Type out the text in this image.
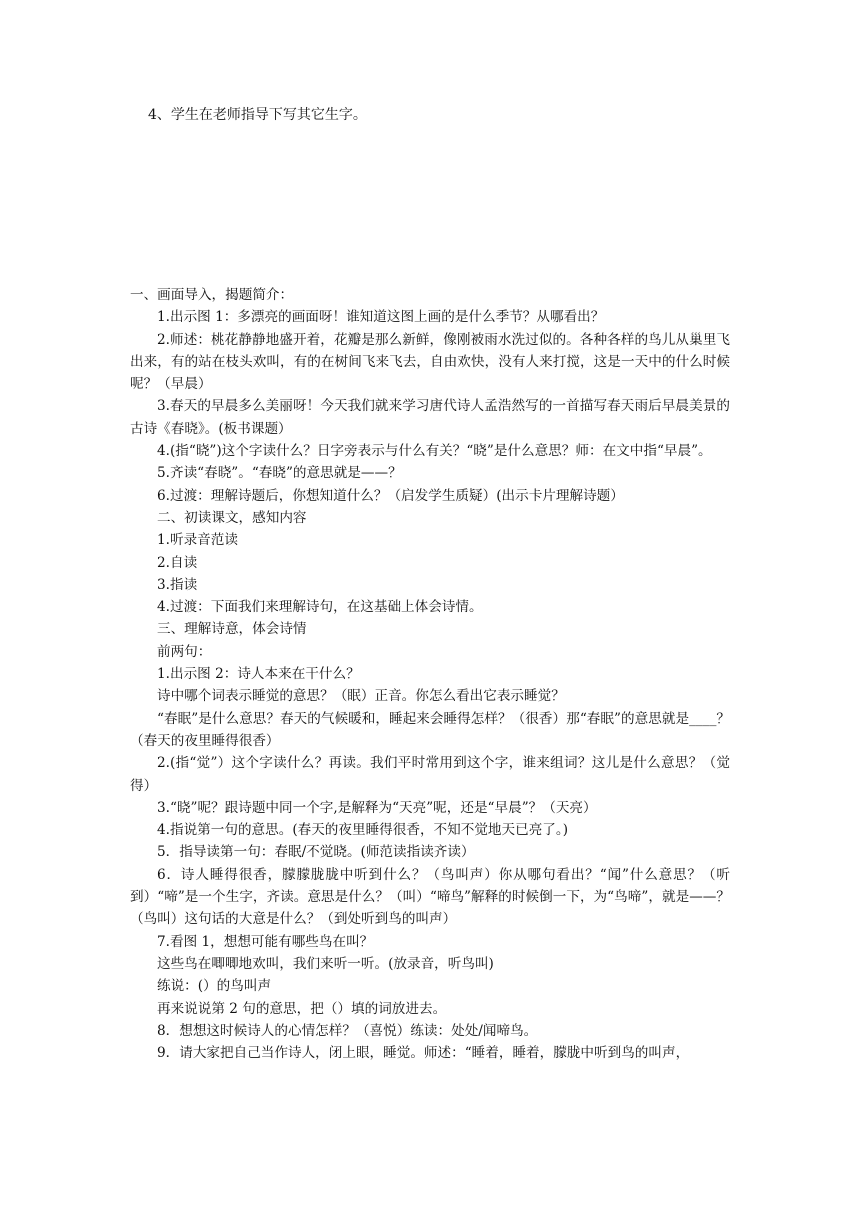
4、学生在老师指导下写其它生字。

一、画面导入，揭题简介：

1.出示图 1：多漂亮的画面呀！谁知道这图上画的是什么季节？从哪看出？

2.师述：桃花静静地盛开着，花瓣是那么新鲜，像刚被雨水洗过似的。各种各样的鸟儿从巢里飞出来，有的站在枝头欢叫，有的在树间飞来飞去，自由欢快，没有人来打搅，这是一天中的什么时候呢？（早晨）

3.春天的早晨多么美丽呀！今天我们就来学习唐代诗人孟浩然写的一首描写春天雨后早晨美景的古诗《春晓》。(板书课题）

4.(指“晓”)这个字读什么？日字旁表示与什么有关？“晓”是什么意思？师：在文中指“早晨”。

5.齐读“春晓”。“春晓”的意思就是——？

6.过渡：理解诗题后，你想知道什么？（启发学生质疑）(出示卡片理解诗题）

二、初读课文，感知内容

1.听录音范读

2.自读

3.指读

4.过渡：下面我们来理解诗句，在这基础上体会诗情。

三、理解诗意，体会诗情

前两句：

1.出示图 2：诗人本来在干什么？

诗中哪个词表示睡觉的意思？（眠）正音。你怎么看出它表示睡觉？

“春眠”是什么意思？春天的气候暖和，睡起来会睡得怎样？（很香）那“春眠”的意思就是____？（春天的夜里睡得很香）

2.(指“觉”）这个字读什么？再读。我们平时常用到这个字，谁来组词？这儿是什么意思？（觉得）

3.“晓”呢？跟诗题中同一个字,是解释为“天亮”呢，还是“早晨”？（天亮）

4.指说第一句的意思。(春天的夜里睡得很香，不知不觉地天已亮了。)

5．指导读第一句：春眠/不觉晓。(师范读指读齐读）

6．诗人睡得很香，朦朦胧胧中听到什么？（鸟叫声）你从哪句看出？“闻”什么意思？（听到）“啼”是一个生字，齐读。意思是什么？（叫）“啼鸟”解释的时候倒一下，为“鸟啼”，就是——？（鸟叫）这句话的大意是什么？（到处听到鸟的叫声）

7.看图 1，想想可能有哪些鸟在叫？

这些鸟在唧唧地欢叫，我们来听一听。(放录音，听鸟叫)

练说：(）的鸟叫声

再来说说第 2 句的意思，把（）填的词放进去。

8．想想这时候诗人的心情怎样？（喜悦）练读：处处/闻啼鸟。

9．请大家把自己当作诗人，闭上眼，睡觉。师述：“睡着，睡着，朦胧中听到鸟的叫声，
